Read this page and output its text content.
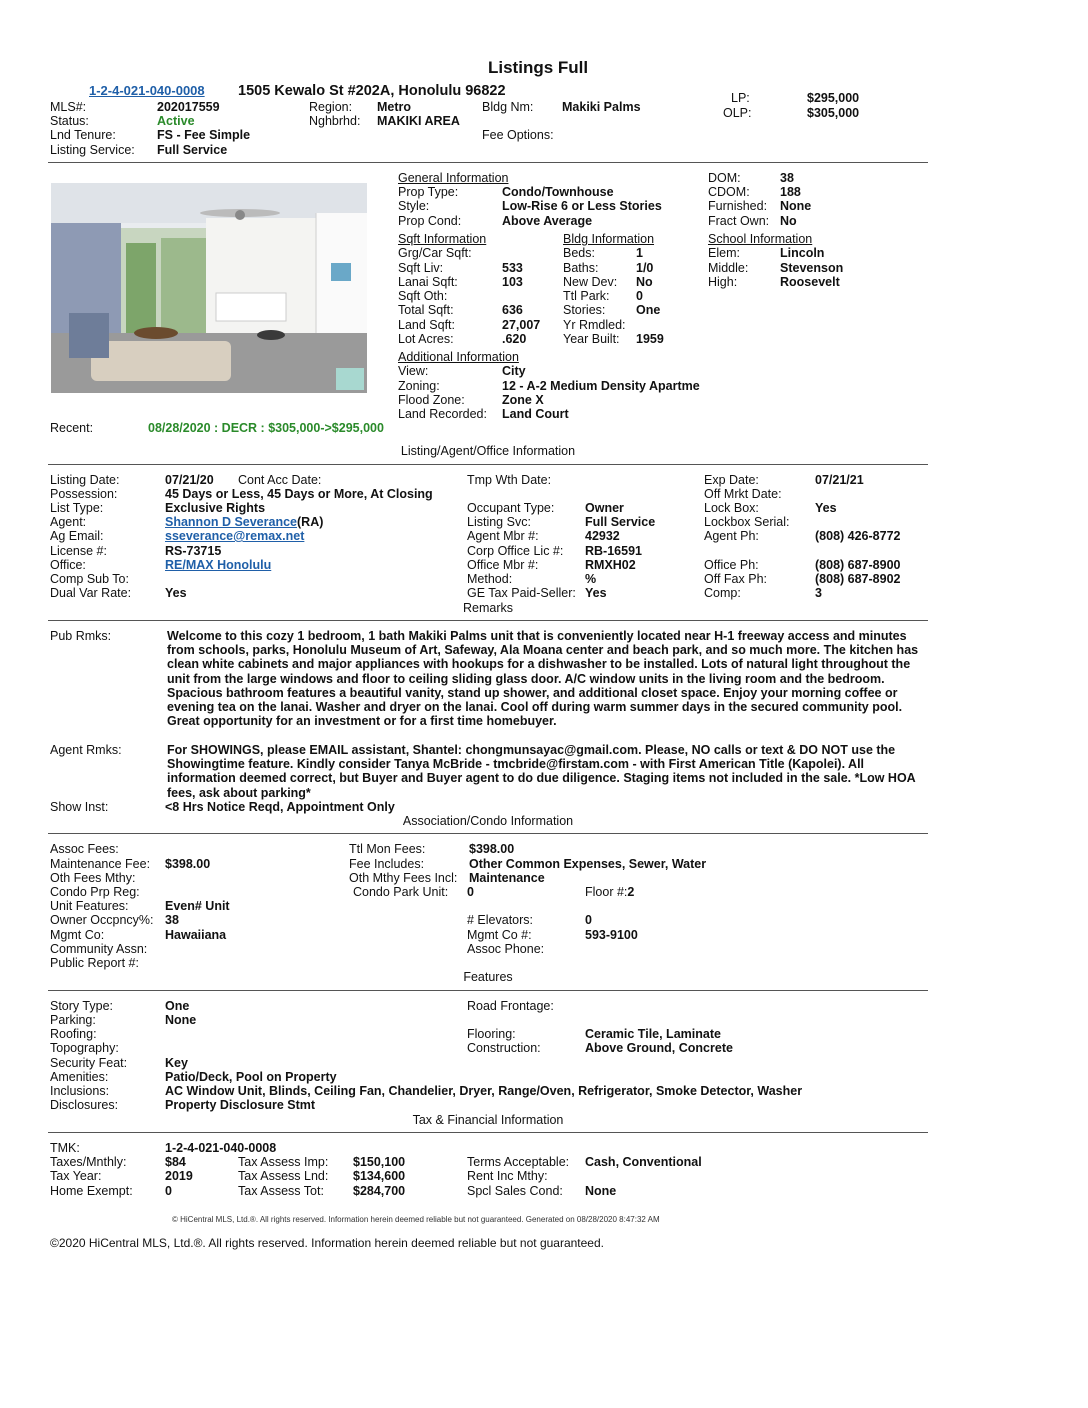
Listings Full
1-2-4-021-040-0008 1505 Kewalo St #202A, Honolulu 96822
MLS#:	202017559
Status:	Active
Lnd Tenure:	FS - Fee Simple
Listing Service: Full Service
Region: Metro
Nghbrhd: MAKIKI AREA
Bldg Nm: Makiki Palms
Fee Options:
LP:	$295,000
OLP:	$305,000
General Information
Prop Type:	Condo/Townhouse
Style:	Low-Rise 6 or Less Stories
Prop Cond:	Above Average
DOM:	38
CDOM: 188
Furnished: None
Fract Own: No
Sqft Information
Grg/Car Sqft:
Sqft Liv:	533
Lanai Sqft:	103
Sqft Oth:
Total Sqft:	636
Land Sqft:	27,007
Lot Acres:	.620
Bldg Information
Beds:	1
Baths:	1/0
New Dev: No
Ttl Park: 0
Stories: One
Yr Rmdled:
Year Built: 1959
School Information
Elem:	Lincoln
Middle:	Stevenson
High:	Roosevelt
Additional Information
View:	City
Zoning:	12 - A-2 Medium Density Apartme
Flood Zone:	Zone X
Land Recorded: Land Court
Recent:	08/28/2020 : DECR : $305,000->$295,000
Listing/Agent/Office Information
Listing Date:	07/21/20 Cont Acc Date:
Possession:	45 Days or Less, 45 Days or More, At Closing
List Type:	Exclusive Rights
Agent:	Shannon D Severance(RA)
Ag Email:	sseverance@remax.net
License #:	RS-73715
Office:	RE/MAX Honolulu
Comp Sub To:
Dual Var Rate:	Yes
Tmp Wth Date:
Occupant Type: Owner
Listing Svc:	Full Service
Agent Mbr #:	42932
Corp Office Lic #: RB-16591
Office Mbr #:	RMXH02
Method:	%
GE Tax Paid-Seller: Yes
Exp Date:	07/21/21
Off Mrkt Date:
Lock Box:	Yes
Lockbox Serial:
Agent Ph:	(808) 426-8772
Office Ph:	(808) 687-8900
Off Fax Ph:	(808) 687-8902
Comp:	3
Remarks
Pub Rmks:	Welcome to this cozy 1 bedroom, 1 bath Makiki Palms unit that is conveniently located near H-1 freeway access and minutes from schools, parks, Honolulu Museum of Art, Safeway, Ala Moana center and beach park, and so much more. The kitchen has clean white cabinets and major appliances with hookups for a dishwasher to be installed. Lots of natural light throughout the unit from the large windows and floor to ceiling sliding glass door. A/C window units in the living room and the bedroom. Spacious bathroom features a beautiful vanity, stand up shower, and additional closet space. Enjoy your morning coffee or evening tea on the lanai. Washer and dryer on the lanai. Cool off during warm summer days in the secured community pool. Great opportunity for an investment or for a first time homebuyer.
Agent Rmks:	For SHOWINGS, please EMAIL assistant, Shantel: chongmunsayac@gmail.com. Please, NO calls or text & DO NOT use the Showingtime feature. Kindly consider Tanya McBride - tmcbride@firstam.com - with First American Title (Kapolei). All information deemed correct, but Buyer and Buyer agent to do due diligence. Staging items not included in the sale. *Low HOA fees, ask about parking*
Show Inst:	<8 Hrs Notice Reqd, Appointment Only
Association/Condo Information
Assoc Fees:
Maintenance Fee: $398.00
Oth Fees Mthy:
Condo Prp Reg:
Unit Features:	Even# Unit
Owner Occpncy%: 38
Mgmt Co:	Hawaiiana
Community Assn:
Public Report #:
Ttl Mon Fees:	$398.00
Fee Includes:	Other Common Expenses, Sewer, Water
Oth Mthy Fees Incl: Maintenance
Condo Park Unit: 0	Floor #:2
# Elevators:	0
Mgmt Co #:	593-9100
Assoc Phone:
Features
Story Type:	One
Parking:	None
Roofing:
Topography:
Security Feat:	Key
Amenities:	Patio/Deck, Pool on Property
Inclusions:	AC Window Unit, Blinds, Ceiling Fan, Chandelier, Dryer, Range/Oven, Refrigerator, Smoke Detector, Washer
Disclosures:	Property Disclosure Stmt
Road Frontage:
Flooring:	Ceramic Tile, Laminate
Construction:	Above Ground, Concrete
Tax & Financial Information
TMK:	1-2-4-021-040-0008
Taxes/Mnthly:	$84
Tax Year:	2019
Home Exempt:	0
Tax Assess Imp: $150,100
Tax Assess Lnd: $134,600
Tax Assess Tot: $284,700
Terms Acceptable: Cash, Conventional
Rent Inc Mthy:
Spcl Sales Cond: None
© HiCentral MLS, Ltd.®. All rights reserved. Information herein deemed reliable but not guaranteed. Generated on 08/28/2020 8:47:32 AM
©2020 HiCentral MLS, Ltd.®. All rights reserved. Information herein deemed reliable but not guaranteed.
